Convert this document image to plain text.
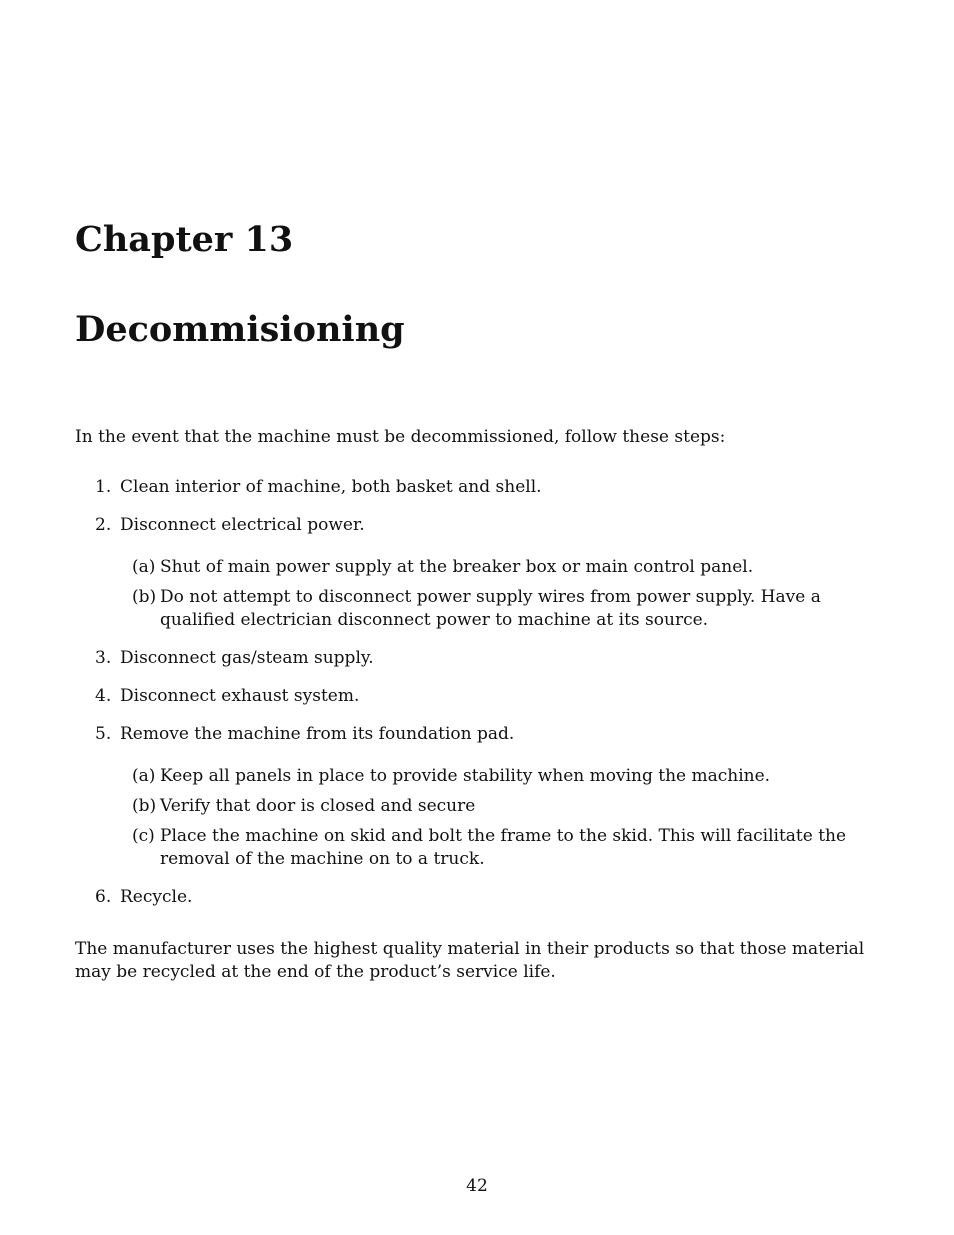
Chapter 13
Decommisioning

In the event that the machine must be decommissioned, follow these steps:

1. Clean interior of machine, both basket and shell.
2. Disconnect electrical power.
(a) Shut of main power supply at the breaker box or main control panel.
(b) Do not attempt to disconnect power supply wires from power supply. Have a qualified electrician disconnect power to machine at its source.
3. Disconnect gas/steam supply.
4. Disconnect exhaust system.
5. Remove the machine from its foundation pad.
(a) Keep all panels in place to provide stability when moving the machine.
(b) Verify that door is closed and secure
(c) Place the machine on skid and bolt the frame to the skid. This will facilitate the removal of the machine on to a truck.
6. Recycle.

The manufacturer uses the highest quality material in their products so that those material may be recycled at the end of the product’s service life.

42
